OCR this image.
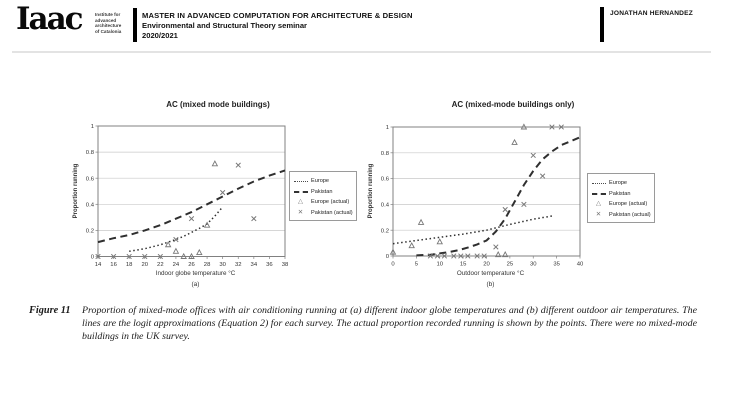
Iaac	Institute for
advanced
architecture
of Catalonia
MASTER IN ADVANCED COMPUTATION FOR ARCHITECTURE & DESIGN
Environmental and Structural Theory seminar
2020/2021
JONATHAN HERNANDEZ
AC (mixed mode buildings)
14 16 18 20 22 24 26 28 30 32 34 36 38
0
0.2
0.4
0.6
0.8
1
Proportion running
Indoor globe temperature °C
(a)
Europe
Pakistan
△	Europe (actual)
✕	Pakistan (actual)
AC (mixed-mode buildings only)
0	5	10	15	20	25	30	35	40
0
0.2
0.4
0.6
0.8
1
Proportion running
Outdoor temperature °C
(b)
Europe
Pakistan
△	Europe (actual)
✕	Pakistan (actual)
Figure 11	Proportion of mixed-mode offices with air conditioning running at (a) different indoor globe temperatures and (b) different outdoor air temperatures. The lines are the logit approximations (Equation 2) for each survey. The actual proportion recorded running is shown by the points. There were no mixed-mode buildings in the UK survey.
